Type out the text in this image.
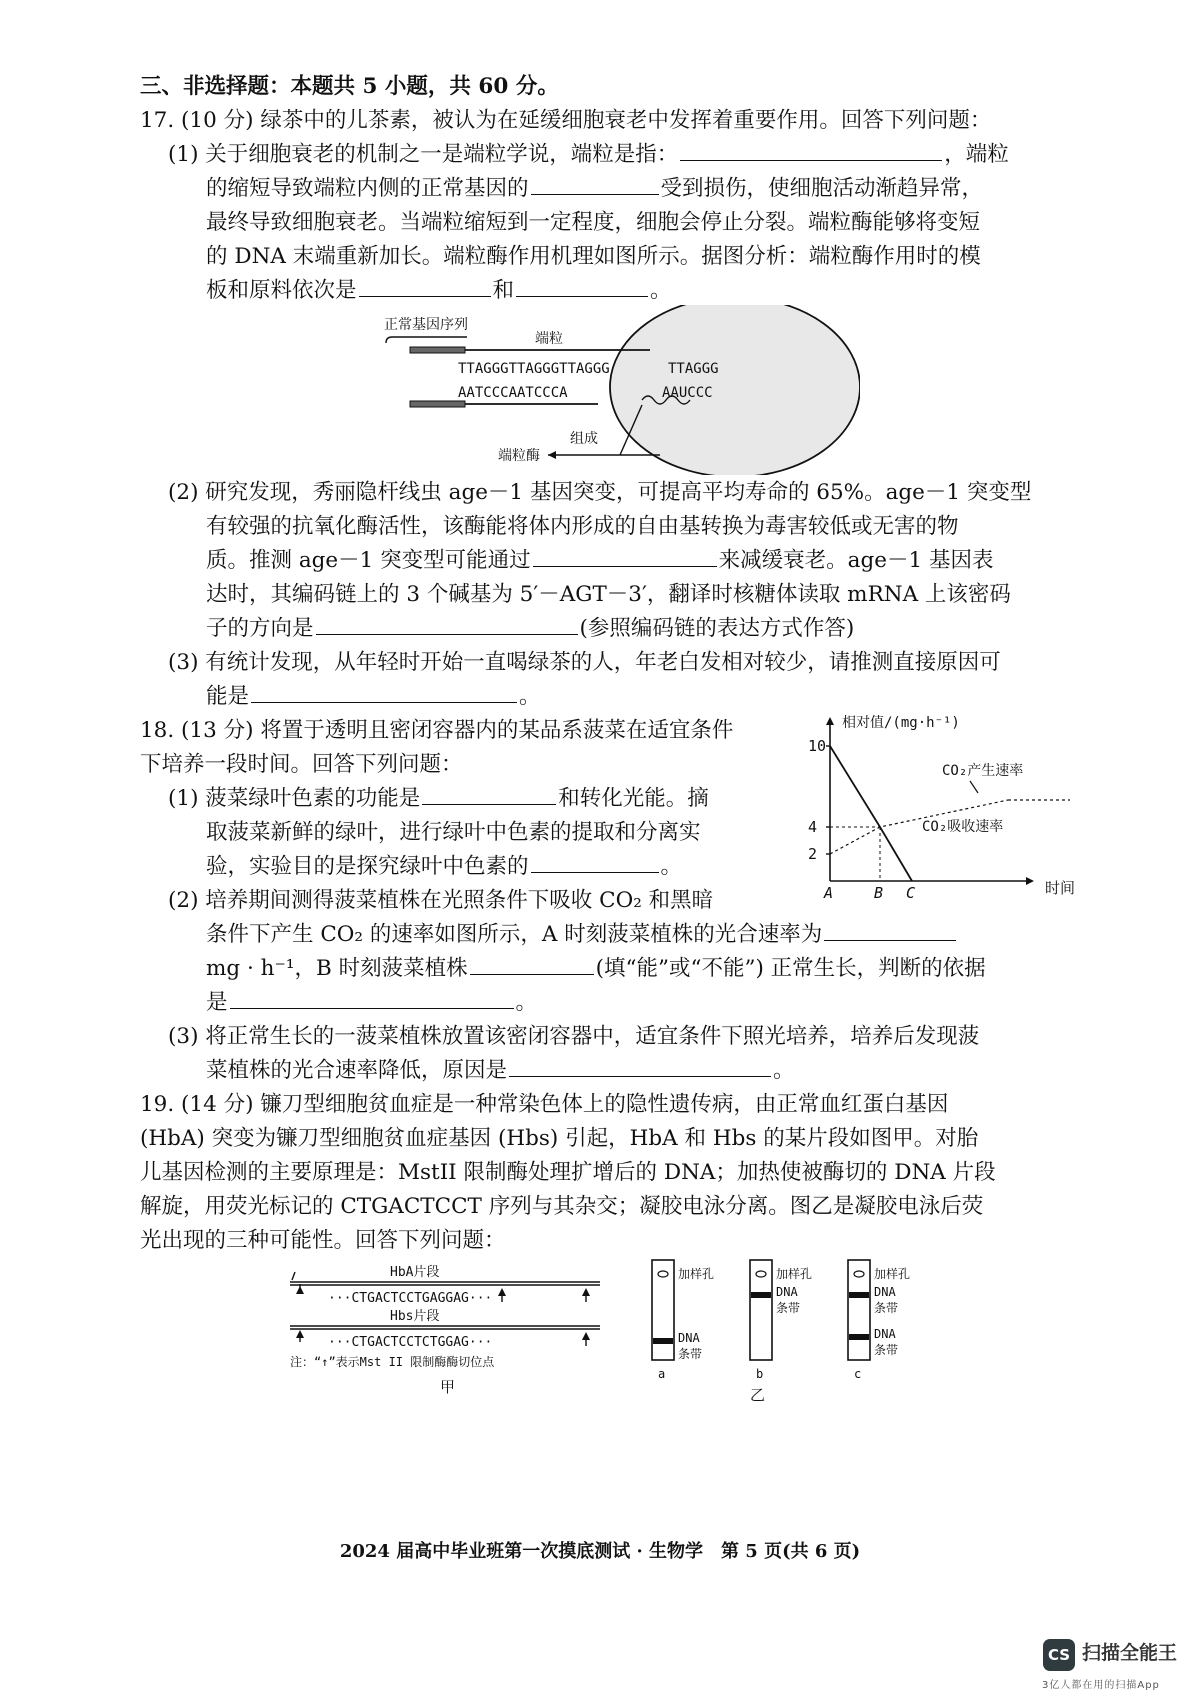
三、非选择题：本题共 5 小题，共 60 分。
17. (10 分) 绿茶中的儿茶素，被认为在延缓细胞衰老中发挥着重要作用。回答下列问题：
(1) 关于细胞衰老的机制之一是端粒学说，端粒是指：	，端粒
的缩短导致端粒内侧的正常基因的	受到损伤，使细胞活动渐趋异常，
最终导致细胞衰老。当端粒缩短到一定程度，细胞会停止分裂。端粒酶能够将变短
的 DNA 末端重新加长。端粒酶作用机理如图所示。据图分析：端粒酶作用时的模
板和原料依次是	和	。
正常基因序列
端粒
TTAGGGTTAGGGTTAGGG	TTAGGG
AATCCCAATCCCA	AAUCCC
组成
端粒酶
(2) 研究发现，秀丽隐杆线虫 age－1 基因突变，可提高平均寿命的 65%。age－1 突变型
有较强的抗氧化酶活性，该酶能将体内形成的自由基转换为毒害较低或无害的物
质。推测 age－1 突变型可能通过	来减缓衰老。age－1 基因表
达时，其编码链上的 3 个碱基为 5′－AGT－3′，翻译时核糖体读取 mRNA 上该密码
子的方向是	(参照编码链的表达方式作答)
(3) 有统计发现，从年轻时开始一直喝绿茶的人，年老白发相对较少，请推测直接原因可
能是	。
18. (13 分) 将置于透明且密闭容器内的某品系菠菜在适宜条件
下培养一段时间。回答下列问题：
(1) 菠菜绿叶色素的功能是	和转化光能。摘
取菠菜新鲜的绿叶，进行绿叶中色素的提取和分离实
验，实验目的是探究绿叶中色素的	。
(2) 培养期间测得菠菜植株在光照条件下吸收 CO₂ 和黑暗
条件下产生 CO₂ 的速率如图所示，A 时刻菠菜植株的光合速率为
mg · h⁻¹，B 时刻菠菜植株	(填“能”或“不能”) 正常生长，判断的依据
是	。
(3) 将正常生长的一菠菜植株放置该密闭容器中，适宜条件下照光培养，培养后发现菠
菜植株的光合速率降低，原因是	。
相对值/(mg·h⁻¹)
时间
2
4
10
A	B C
CO₂产生速率
CO₂吸收速率
19. (14 分) 镰刀型细胞贫血症是一种常染色体上的隐性遗传病，由正常血红蛋白基因
(HbA) 突变为镰刀型细胞贫血症基因 (Hbs) 引起，HbA 和 Hbs 的某片段如图甲。对胎
儿基因检测的主要原理是：MstII 限制酶处理扩增后的 DNA；加热使被酶切的 DNA 片段
解旋，用荧光标记的 CTGACTCCT 序列与其杂交；凝胶电泳分离。图乙是凝胶电泳后荧
光出现的三种可能性。回答下列问题：
HbA片段
···CTGACTCCTGAGGAG···
Hbs片段
···CTGACTCCTCTGGAG···
注：“↑”表示Mst II 限制酶酶切位点
甲
加样孔
DNA
条带
a
加样孔
DNA
条带
b
加样孔
DNA
条带
DNA
条带
c
乙
2024 届高中毕业班第一次摸底测试 · 生物学　第 5 页(共 6 页)
CS 扫描全能王
3亿人都在用的扫描App
